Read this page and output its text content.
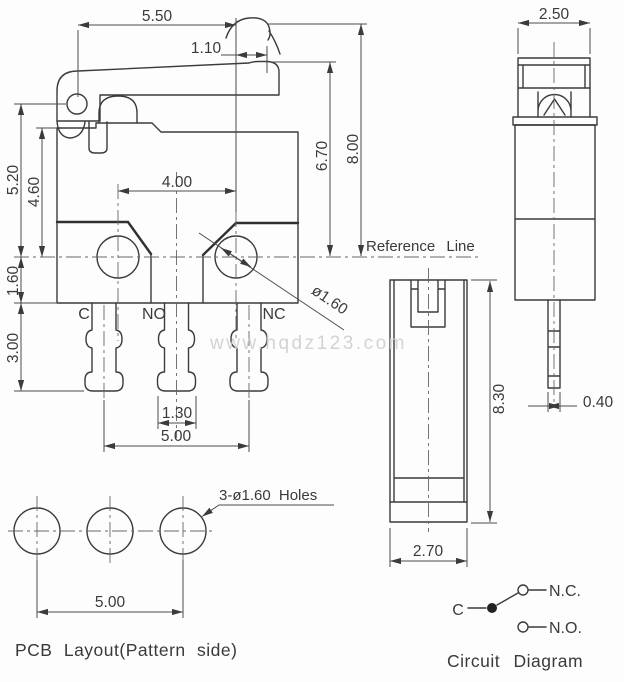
5.50
1.10
5.20 4.60
1.60
3.00
4.00
6.70 8.00
Reference Line
C	NO	NC
1.30
5.00
ø1.60
2.50
0.40
8.30
2.70
3-ø1.60 Holes
5.00
PCB Layout(Pattern side)
C
N.C.
N.O.
Circuit Diagram
www.hqdz123.com
